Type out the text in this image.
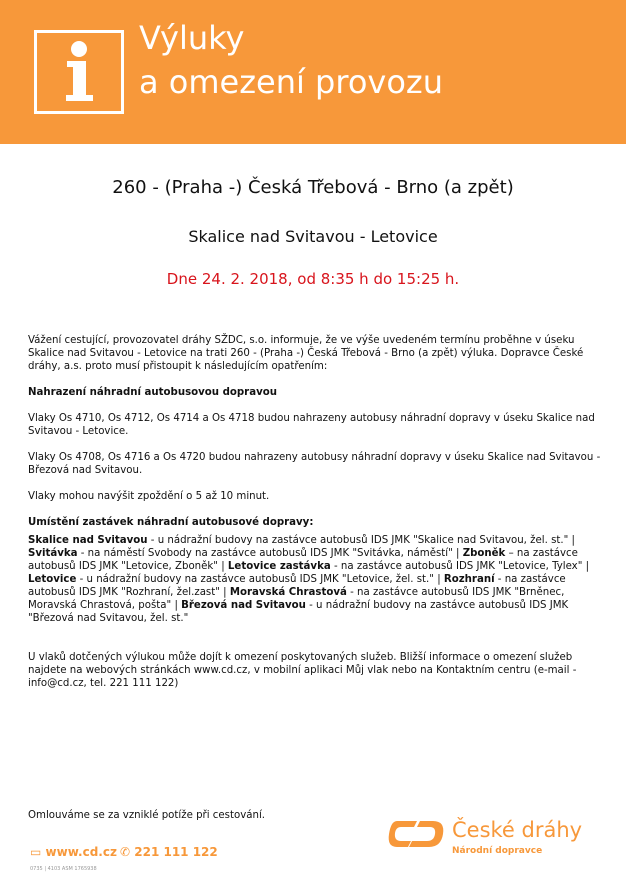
Výluky
a omezení provozu
260 - (Praha -) Česká Třebová - Brno (a zpět)
Skalice nad Svitavou - Letovice
Dne 24. 2. 2018, od 8:35 h do 15:25 h.

Vážení cestující, provozovatel dráhy SŽDC, s.o. informuje, že ve výše uvedeném termínu proběhne v úseku Skalice nad Svitavou - Letovice na trati 260 - (Praha -) Česká Třebová - Brno (a zpět) výluka. Dopravce České dráhy, a.s. proto musí přistoupit k následujícím opatřením:

Nahrazení náhradní autobusovou dopravou

Vlaky Os 4710, Os 4712, Os 4714 a Os 4718 budou nahrazeny autobusy náhradní dopravy v úseku Skalice nad Svitavou - Letovice.

Vlaky Os 4708, Os 4716 a Os 4720 budou nahrazeny autobusy náhradní dopravy v úseku Skalice nad Svitavou - Březová nad Svitavou.

Vlaky mohou navýšit zpoždění o 5 až 10 minut.

Umístění zastávek náhradní autobusové dopravy:

Skalice nad Svitavou - u nádražní budovy na zastávce autobusů IDS JMK "Skalice nad Svitavou, žel. st." | Svitávka - na náměstí Svobody na zastávce autobusů IDS JMK "Svitávka, náměstí" | Zboněk – na zastávce autobusů IDS JMK "Letovice, Zboněk" | Letovice zastávka - na zastávce autobusů IDS JMK "Letovice, Tylex" | Letovice - u nádražní budovy na zastávce autobusů IDS JMK "Letovice, žel. st." | Rozhraní - na zastávce autobusů IDS JMK "Rozhraní, žel.zast" | Moravská Chrastová - na zastávce autobusů IDS JMK "Brněnec, Moravská Chrastová, pošta" | Březová nad Svitavou - u nádražní budovy na zastávce autobusů IDS JMK "Březová nad Svitavou, žel. st."

U vlaků dotčených výlukou může dojít k omezení poskytovaných služeb. Bližší informace o omezení služeb najdete na webových stránkách www.cd.cz, v mobilní aplikaci Můj vlak nebo na Kontaktním centru (e-mail - info@cd.cz, tel. 221 111 122)

Omlouváme se za vzniklé potíže při cestování.
▭ www.cd.cz ✆ 221 111 122
0735 | 4103 ASM 1765938
České dráhy
Národní dopravce
